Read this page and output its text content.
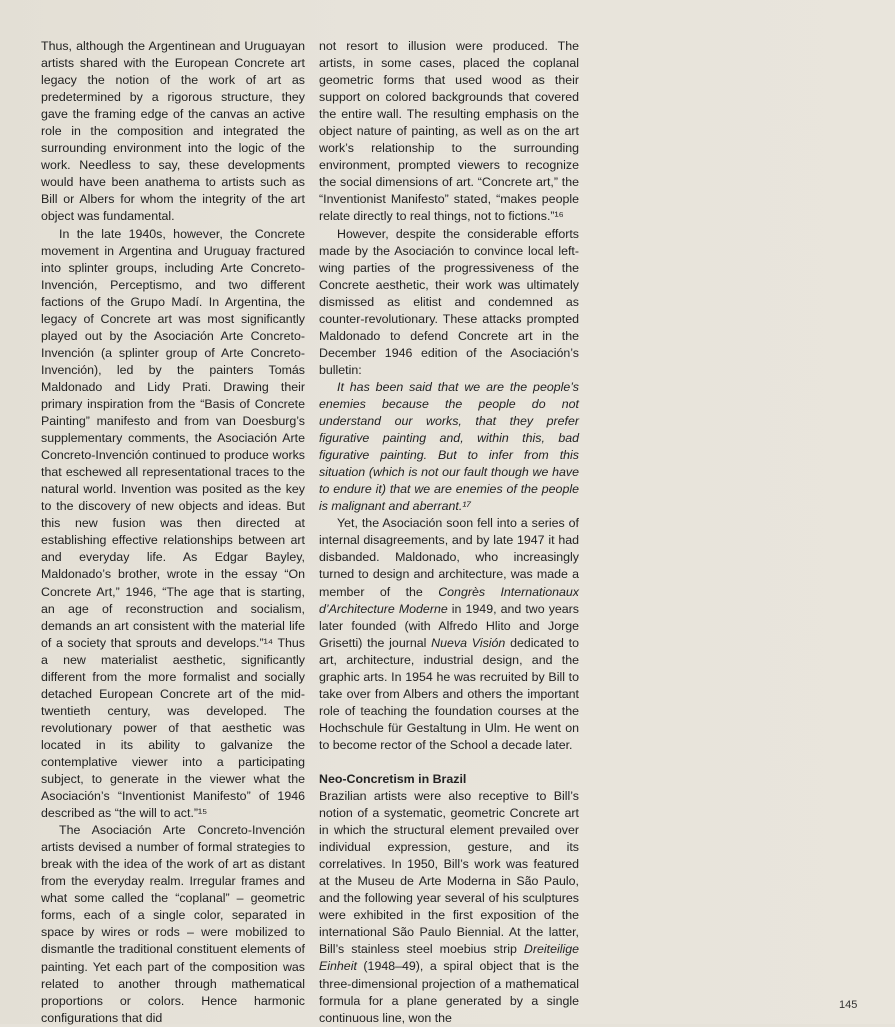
Thus, although the Argentinean and Uruguayan artists shared with the European Concrete art legacy the notion of the work of art as predetermined by a rigorous structure, they gave the framing edge of the canvas an active role in the composition and integrated the surrounding environment into the logic of the work. Needless to say, these developments would have been anathema to artists such as Bill or Albers for whom the integrity of the art object was fundamental.

In the late 1940s, however, the Concrete movement in Argentina and Uruguay fractured into splinter groups, including Arte Concreto-Invención, Perceptismo, and two different factions of the Grupo Madí. In Argentina, the legacy of Concrete art was most significantly played out by the Asociación Arte Concreto-Invención (a splinter group of Arte Concreto-Invención), led by the painters Tomás Maldonado and Lidy Prati. Drawing their primary inspiration from the “Basis of Concrete Painting” manifesto and from van Doesburg’s supplementary comments, the Asociación Arte Concreto-Invención continued to produce works that eschewed all representational traces to the natural world. Invention was posited as the key to the discovery of new objects and ideas. But this new fusion was then directed at establishing effective relationships between art and everyday life. As Edgar Bayley, Maldonado’s brother, wrote in the essay “On Concrete Art,” 1946, “The age that is starting, an age of reconstruction and socialism, demands an art consistent with the material life of a society that sprouts and develops.”¹⁴ Thus a new materialist aesthetic, significantly different from the more formalist and socially detached European Concrete art of the mid-twentieth century, was developed. The revolutionary power of that aesthetic was located in its ability to galvanize the contemplative viewer into a participating subject, to generate in the viewer what the Asociación’s “Inventionist Manifesto” of 1946 described as “the will to act.”¹⁵

The Asociación Arte Concreto-Invención artists devised a number of formal strategies to break with the idea of the work of art as distant from the everyday realm. Irregular frames and what some called the “coplanal” – geometric forms, each of a single color, separated in space by wires or rods – were mobilized to dismantle the traditional constituent elements of painting. Yet each part of the composition was related to another through mathematical proportions or colors. Hence harmonic configurations that did

not resort to illusion were produced. The artists, in some cases, placed the coplanal geometric forms that used wood as their support on colored backgrounds that covered the entire wall. The resulting emphasis on the object nature of painting, as well as on the art work’s relationship to the surrounding environment, prompted viewers to recognize the social dimensions of art. “Concrete art,” the “Inventionist Manifesto” stated, “makes people relate directly to real things, not to fictions.”¹⁶

However, despite the considerable efforts made by the Asociación to convince local left-wing parties of the progressiveness of the Concrete aesthetic, their work was ultimately dismissed as elitist and condemned as counter-revolutionary. These attacks prompted Maldonado to defend Concrete art in the December 1946 edition of the Asociación’s bulletin:

It has been said that we are the people’s enemies because the people do not understand our works, that they prefer figurative painting and, within this, bad figurative painting. But to infer from this situation (which is not our fault though we have to endure it) that we are enemies of the people is malignant and aberrant.¹⁷

Yet, the Asociación soon fell into a series of internal disagreements, and by late 1947 it had disbanded. Maldonado, who increasingly turned to design and architecture, was made a member of the Congrès Internationaux d’Architecture Moderne in 1949, and two years later founded (with Alfredo Hlito and Jorge Grisetti) the journal Nueva Visión dedicated to art, architecture, industrial design, and the graphic arts. In 1954 he was recruited by Bill to take over from Albers and others the important role of teaching the foundation courses at the Hochschule für Gestaltung in Ulm. He went on to become rector of the School a decade later.

Neo-Concretism in Brazil

Brazilian artists were also receptive to Bill’s notion of a systematic, geometric Concrete art in which the structural element prevailed over individual expression, gesture, and its correlatives. In 1950, Bill’s work was featured at the Museu de Arte Moderna in São Paulo, and the following year several of his sculptures were exhibited in the first exposition of the international São Paulo Biennial. At the latter, Bill’s stainless steel moebius strip Dreiteilige Einheit (1948–49), a spiral object that is the three-dimensional projection of a mathematical formula for a plane generated by a single continuous line, won the

145
